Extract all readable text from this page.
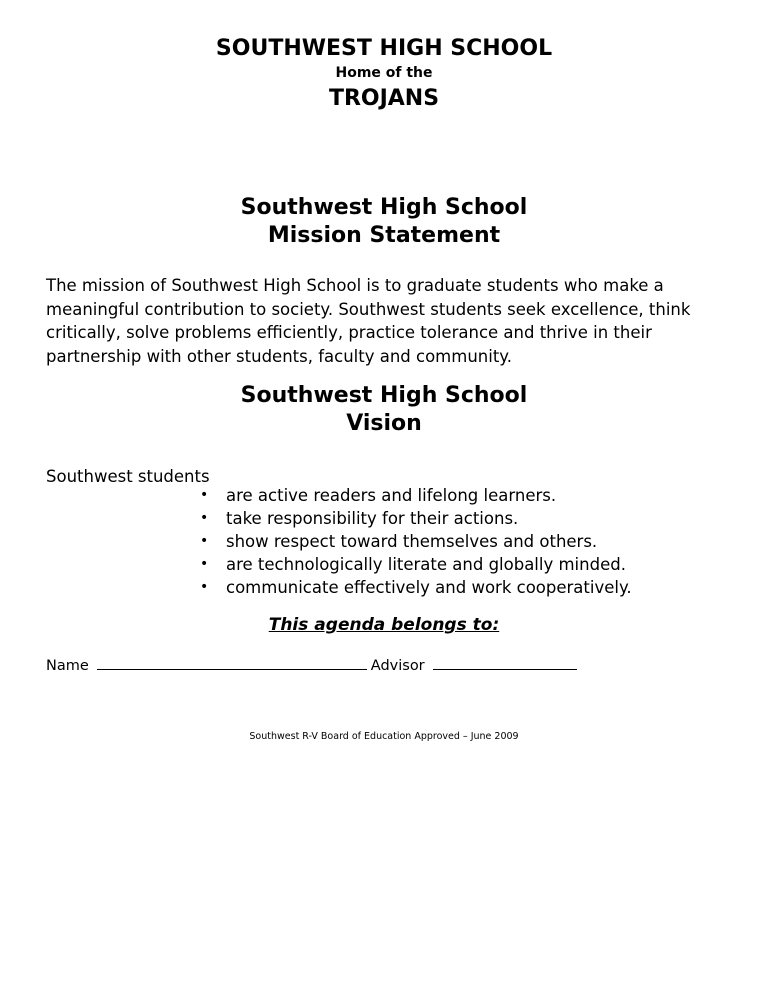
SOUTHWEST HIGH SCHOOL
Home of the
TROJANS
Southwest High School
Mission Statement

The mission of Southwest High School is to graduate students who make a meaningful contribution to society. Southwest students seek excellence, think critically, solve problems efficiently, practice tolerance and thrive in their partnership with other students, faculty and community.

Southwest High School
Vision
Southwest students
• are active readers and lifelong learners.
• take responsibility for their actions.
• show respect toward themselves and others.
• are technologically literate and globally minded.
• communicate effectively and work cooperatively.
This agenda belongs to:
Name	Advisor
Southwest R-V Board of Education Approved – June 2009
